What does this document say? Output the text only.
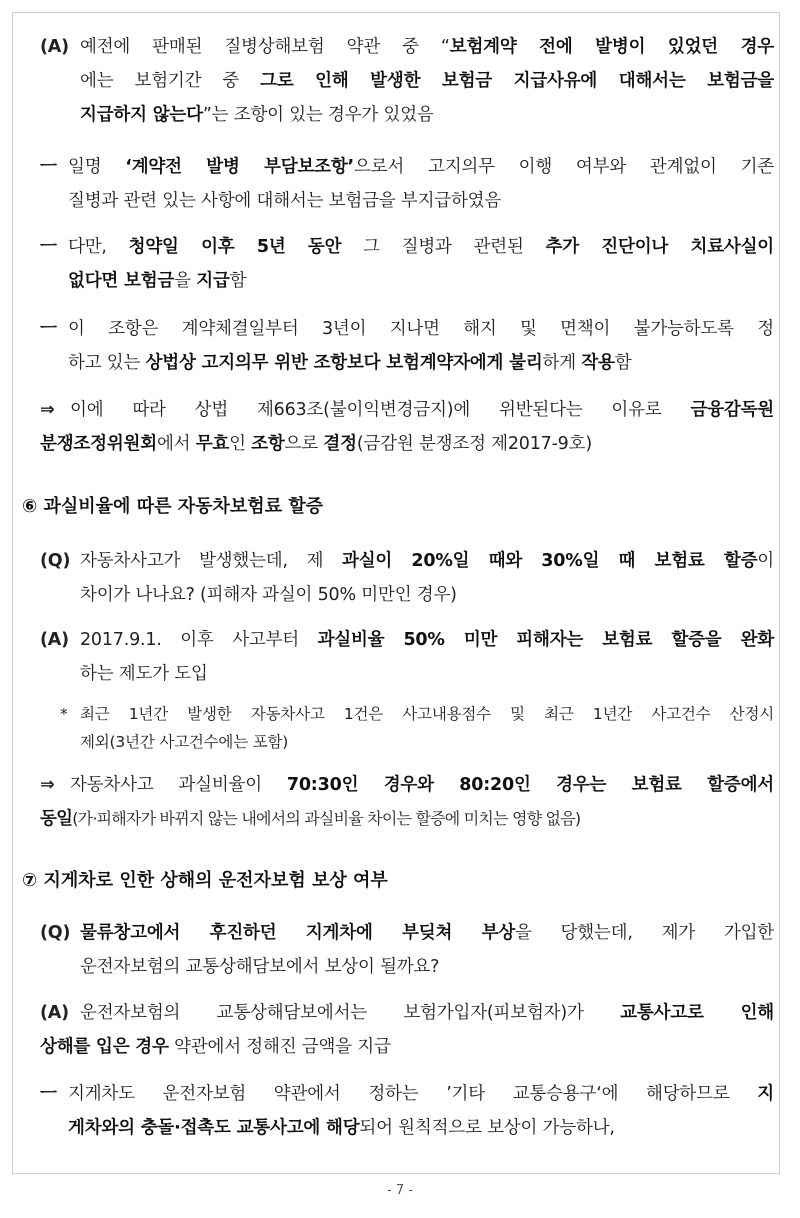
(A) 예전에 판매된 질병상해보험 약관 중 “보험계약 전에 발병이 있었던 경우
에는 보험기간 중 그로 인해 발생한 보험금 지급사유에 대해서는 보험금을
지급하지 않는다”는 조항이 있는 경우가 있었음
ㅡ 일명 ‘계약전 발병 부담보조항’으로서 고지의무 이행 여부와 관계없이 기존
질병과 관련 있는 사항에 대해서는 보험금을 부지급하였음
ㅡ 다만, 청약일 이후 5년 동안 그 질병과 관련된 추가 진단이나 치료사실이
없다면 보험금을 지급함
ㅡ 이 조항은 계약체결일부터 3년이 지나면 해지 및 면책이 불가능하도록 정
하고 있는 상법상 고지의무 위반 조항보다 보험계약자에게 불리하게 작용함
⇒ 이에 따라 상법 제663조(불이익변경금지)에 위반된다는 이유로 금융감독원
분쟁조정위원회에서 무효인 조항으로 결정(금감원 분쟁조정 제2017-9호)
⑥ 과실비율에 따른 자동차보험료 할증
(Q) 자동차사고가 발생했는데, 제 과실이 20%일 때와 30%일 때 보험료 할증이
차이가 나나요? (피해자 과실이 50% 미만인 경우)
(A) 2017.9.1. 이후 사고부터 과실비율 50% 미만 피해자는 보험료 할증을 완화
하는 제도가 도입
* 최근 1년간 발생한 자동차사고 1건은 사고내용점수 및 최근 1년간 사고건수 산정시
제외(3년간 사고건수에는 포함)
⇒ 자동차사고 과실비율이 70:30인 경우와 80:20인 경우는 보험료 할증에서
동일(가·피해자가 바뀌지 않는 내에서의 과실비율 차이는 할증에 미치는 영향 없음)
⑦ 지게차로 인한 상해의 운전자보험 보상 여부
(Q) 물류창고에서 후진하던 지게차에 부딪쳐 부상을 당했는데, 제가 가입한
운전자보험의 교통상해담보에서 보상이 될까요?
(A) 운전자보험의 교통상해담보에서는 보험가입자(피보험자)가 교통사고로 인해
상해를 입은 경우 약관에서 정해진 금액을 지급
ㅡ 지게차도 운전자보험 약관에서 정하는 ’기타 교통승용구‘에 해당하므로 지
게차와의 충돌·접촉도 교통사고에 해당되어 원칙적으로 보상이 가능하나,
- 7 -
